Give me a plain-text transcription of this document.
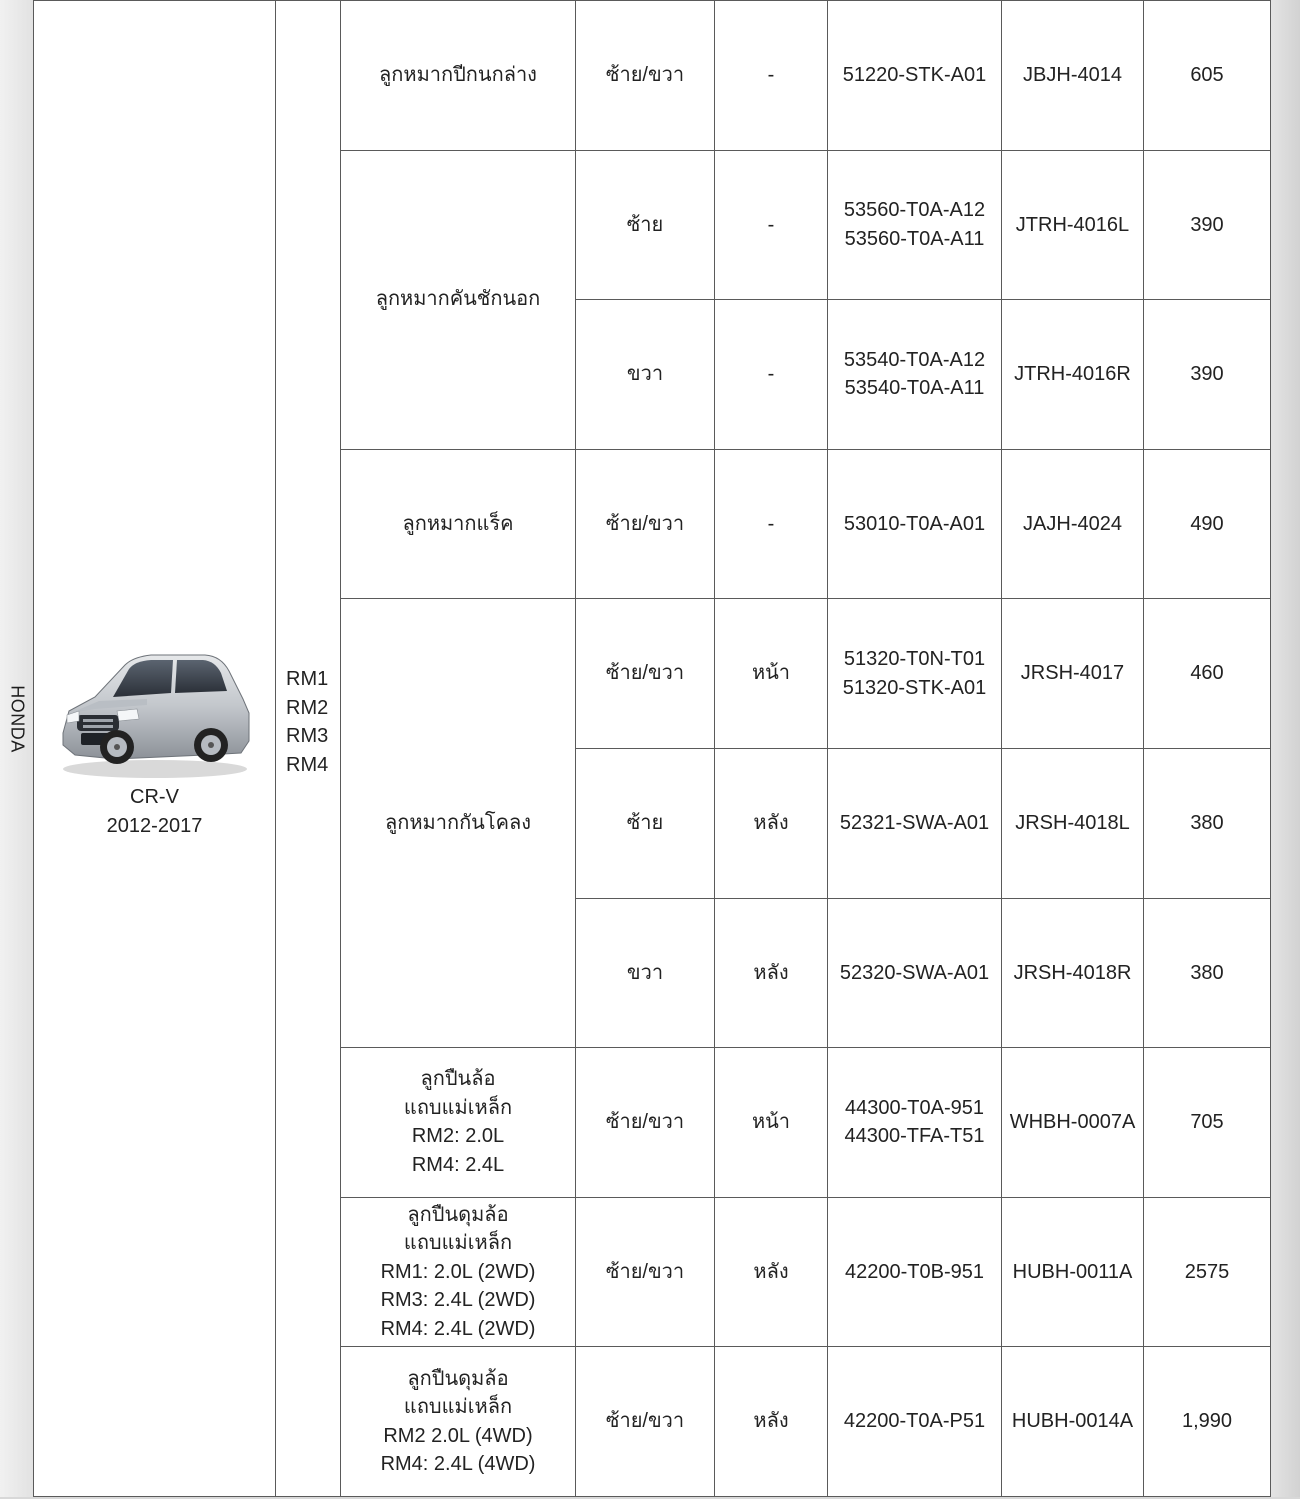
HONDA
CR-V
2012-2017	RM1
RM2
RM3
RM4	ลูกหมากปีกนกล่าง	ซ้าย/ขวา	-	51220-STK-A01	JBJH-4014	605

		ลูกหมากคันชักนอก	ซ้าย	-	53560-T0A-A12
53560-T0A-A11	JTRH-4016L	390
			ขวา	-	53540-T0A-A12
53540-T0A-A11	JTRH-4016R	390

		ลูกหมากแร็ค	ซ้าย/ขวา	-	53010-T0A-A01	JAJH-4024	490

		ลูกหมากกันโคลง	ซ้าย/ขวา	หน้า	51320-T0N-T01
51320-STK-A01	JRSH-4017	460
			ซ้าย	หลัง	52321-SWA-A01	JRSH-4018L	380
			ขวา	หลัง	52320-SWA-A01	JRSH-4018R	380

		ลูกปืนล้อ
แถบแม่เหล็ก
RM2: 2.0L
RM4: 2.4L	ซ้าย/ขวา	หน้า	44300-T0A-951
44300-TFA-T51	WHBH-0007A	705

		ลูกปืนดุมล้อ
แถบแม่เหล็ก
RM1: 2.0L (2WD)
RM3: 2.4L (2WD)
RM4: 2.4L (2WD)	ซ้าย/ขวา	หลัง	42200-T0B-951	HUBH-0011A	2575

		ลูกปืนดุมล้อ
แถบแม่เหล็ก
RM2 2.0L (4WD)
RM4: 2.4L (4WD)	ซ้าย/ขวา	หลัง	42200-T0A-P51	HUBH-0014A	1,990
